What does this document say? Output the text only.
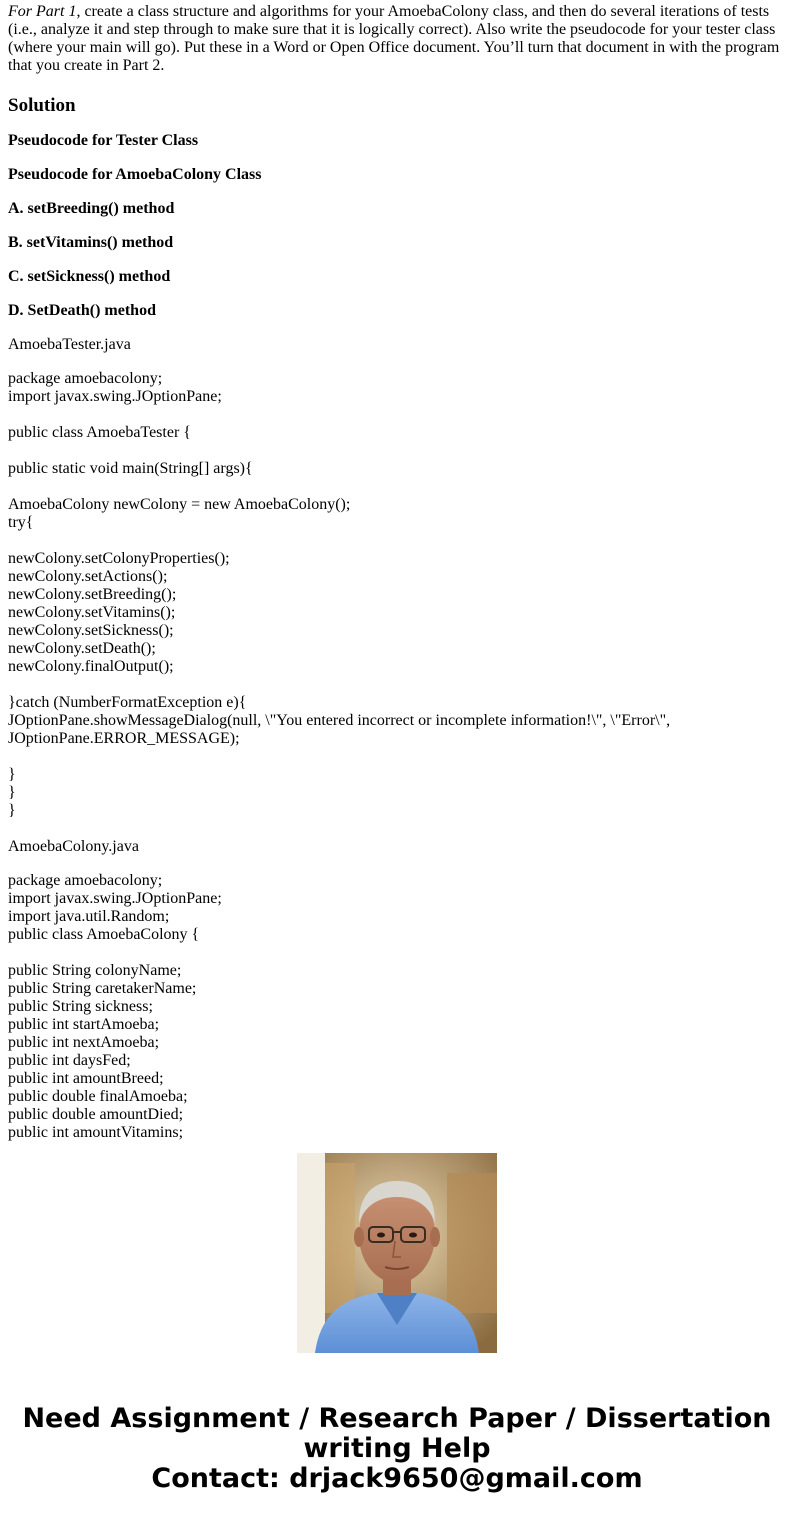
For Part 1, create a class structure and algorithms for your AmoebaColony class, and then do several iterations of tests (i.e., analyze it and step through to make sure that it is logically correct). Also write the pseudocode for your tester class (where your main will go). Put these in a Word or Open Office document. You’ll turn that document in with the program that you create in Part 2.

Solution

Pseudocode for Tester Class

Pseudocode for AmoebaColony Class

A. setBreeding() method

B. setVitamins() method

C. setSickness() method

D. SetDeath() method

AmoebaTester.java

package amoebacolony;
import javax.swing.JOptionPane;
public class AmoebaTester {
public static void main(String[] args){
AmoebaColony newColony = new AmoebaColony();
try{
newColony.setColonyProperties();
newColony.setActions();
newColony.setBreeding();
newColony.setVitamins();
newColony.setSickness();
newColony.setDeath();
newColony.finalOutput();
}catch (NumberFormatException e){
JOptionPane.showMessageDialog(null, \"You entered incorrect or incomplete information!\", \"Error\", JOptionPane.ERROR_MESSAGE);
}
}
}

AmoebaColony.java

package amoebacolony;
import javax.swing.JOptionPane;
import java.util.Random;
public class AmoebaColony {
public String colonyName;
public String caretakerName;
public String sickness;
public int startAmoeba;
public int nextAmoeba;
public int daysFed;
public int amountBreed;
public double finalAmoeba;
public double amountDied;
public int amountVitamins;
Need Assignment / Research Paper / Dissertation
writing Help
Contact: drjack9650@gmail.com
